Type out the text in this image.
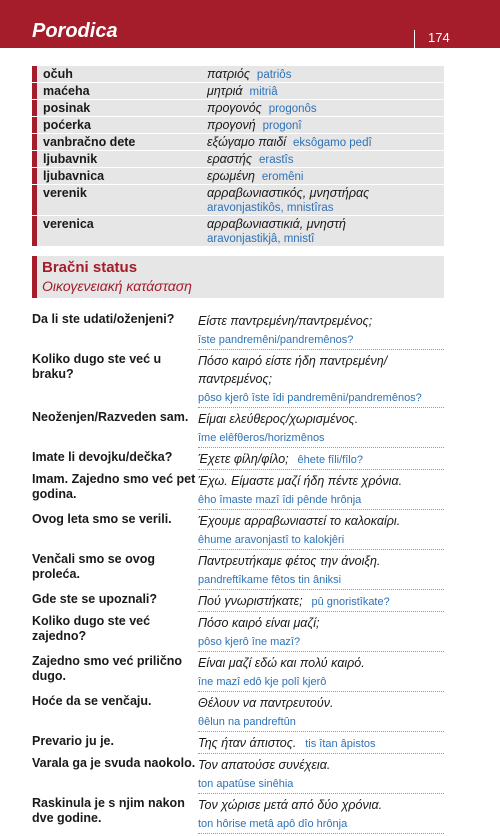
Porodica	174
očuh	πατριός patriôs
maćeha	μητριά mitriâ
posinak	προγονός progonôs
pоćerka	προγονή progonî
vanbračno dete	εξώγαμο παιδί eksôgamo pedî
ljubavnik	εραστής erastîs
ljubavnica	ερωμένη eromêni
verenik	αρραβωνιαστικός, μνηστήρας
aravonjastikôs, mnistîras
verenica	αρραβωνιαστικιά, μνηστή
aravonjastikjâ, mnistî
Bračni status
Οικογενειακή κατάσταση
Da li ste udati/oženjeni?	Είστε παντρεμένη/παντρεμένος;
îste pandremêni/pandremênos?
Koliko dugo ste već u braku?
Πόσο καιρό είστε ήδη παντρεμένη/παντρεμένος;
pôso kjerô îste îdi pandremêni/pandremênos?
Neoženjen/Razveden sam. Είμαι ελεύθερος/χωρισμένος.
îme elêfθeros/horizmênos
Imate li devojku/dečka?	Έχετε φίλη/φίλο; êhete fîli/fîlo?
Imam. Zajedno smo već pet godina.
Έχω. Είμαστε μαζί ήδη πέντε χρόνια.
êho îmaste mazî îdi pênde hrônja
Ovog leta smo se verili.	Έχουμε αρραβωνιαστεί το καλοκαίρι.
êhume aravonjastî to kalokjêri
Venčali smo se ovog proleća.
Παντρευτήκαμε φέτος την άνοιξη.
pandreftîkame fêtos tin âniksi
Gde ste se upoznali?	Πού γνωριστήκατε; pû gnoristîkate?
Koliko dugo ste već zajedno?
Πόσο καιρό είναι μαζί;
pôso kjerô îne mazî?
Zajedno smo već prilično dugo.
Είναι μαζί εδώ και πολύ καιρό.
îne mazî edô kje polî kjerô
Hoće da se venčaju.	Θέλουν να παντρευτούν.
θêlun na pandreftûn
Prevario ju je.	Της ήταν άπιστος. tis îtan âpistos
Varala ga je svuda naokolo. Τον απατούσε συνέχεια.
ton apatûse sinêhia
Raskinula je s njim nakon dve godine.
Τον χώρισε μετά από δύο χρόνια.
ton hôrise metâ apô dîo hrônja
